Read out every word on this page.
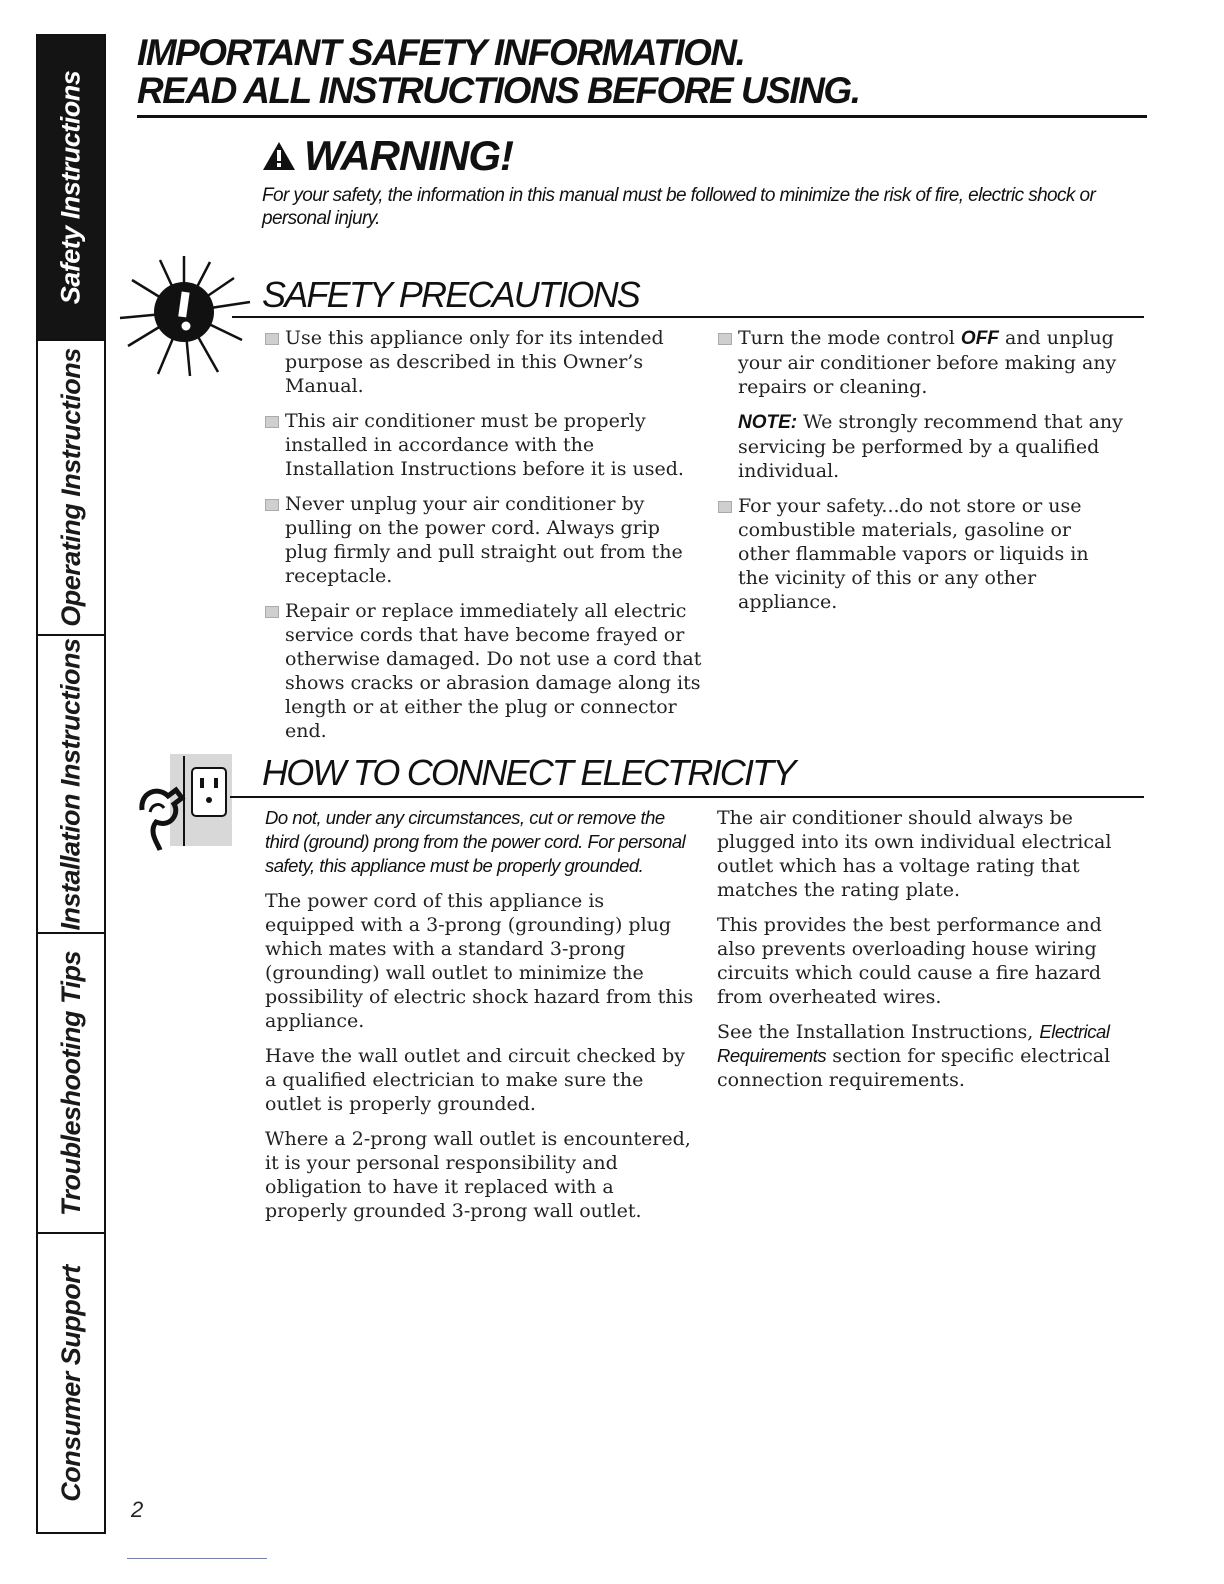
Safety Instructions
Operating Instructions
Installation Instructions
Troubleshooting Tips
Consumer Support
IMPORTANT SAFETY INFORMATION.
READ ALL INSTRUCTIONS BEFORE USING.
WARNING!
For your safety, the information in this manual must be followed to minimize the risk of fire, electric shock or personal injury.
SAFETY PRECAUTIONS
Use this appliance only for its intended purpose as described in this Owner’s Manual.
This air conditioner must be properly installed in accordance with the Installation Instructions before it is used.
Never unplug your air conditioner by pulling on the power cord. Always grip plug firmly and pull straight out from the receptacle.
Repair or replace immediately all electric service cords that have become frayed or otherwise damaged. Do not use a cord that shows cracks or abrasion damage along its length or at either the plug or connector end.
Turn the mode control OFF and unplug your air conditioner before making any repairs or cleaning.
NOTE: We strongly recommend that any servicing be performed by a qualified individual.
For your safety...do not store or use combustible materials, gasoline or other flammable vapors or liquids in the vicinity of this or any other appliance.
HOW TO CONNECT ELECTRICITY

Do not, under any circumstances, cut or remove the third (ground) prong from the power cord. For personal safety, this appliance must be properly grounded.

The power cord of this appliance is equipped with a 3-prong (grounding) plug which mates with a standard 3-prong (grounding) wall outlet to minimize the possibility of electric shock hazard from this appliance.

Have the wall outlet and circuit checked by a qualified electrician to make sure the outlet is properly grounded.

Where a 2-prong wall outlet is encountered, it is your personal responsibility and obligation to have it replaced with a properly grounded 3-prong wall outlet.

The air conditioner should always be plugged into its own individual electrical outlet which has a voltage rating that matches the rating plate.

This provides the best performance and also prevents overloading house wiring circuits which could cause a fire hazard from overheated wires.

See the Installation Instructions, Electrical Requirements section for specific electrical connection requirements.

2
